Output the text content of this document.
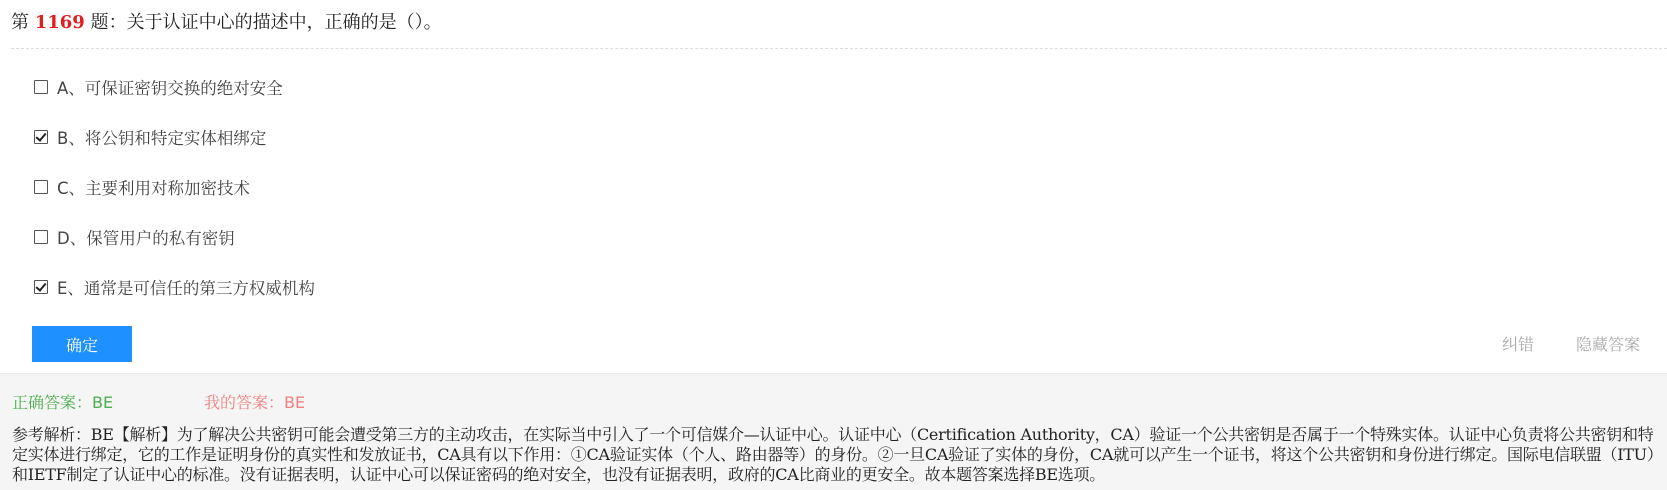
第 1169 题：关于认证中心的描述中，正确的是（）。
A、可保证密钥交换的绝对安全
B、将公钥和特定实体相绑定
C、主要利用对称加密技术
D、保管用户的私有密钥
E、通常是可信任的第三方权威机构
确定	纠错	隐藏答案
正确答案：BE	我的答案：BE
参考解析：BE【解析】为了解决公共密钥可能会遭受第三方的主动攻击，在实际当中引入了一个可信媒介—认证中心。认证中心（Certification Authority，CA）验证一个公共密钥是否属于一个特殊实体。认证中心负责将公共密钥和特定实体进行绑定，它的工作是证明身份的真实性和发放证书，CA具有以下作用：①CA验证实体（个人、路由器等）的身份。②一旦CA验证了实体的身份，CA就可以产生一个证书，将这个公共密钥和身份进行绑定。国际电信联盟（ITU）和IETF制定了认证中心的标准。没有证据表明，认证中心可以保证密码的绝对安全，也没有证据表明，政府的CA比商业的更安全。故本题答案选择BE选项。
